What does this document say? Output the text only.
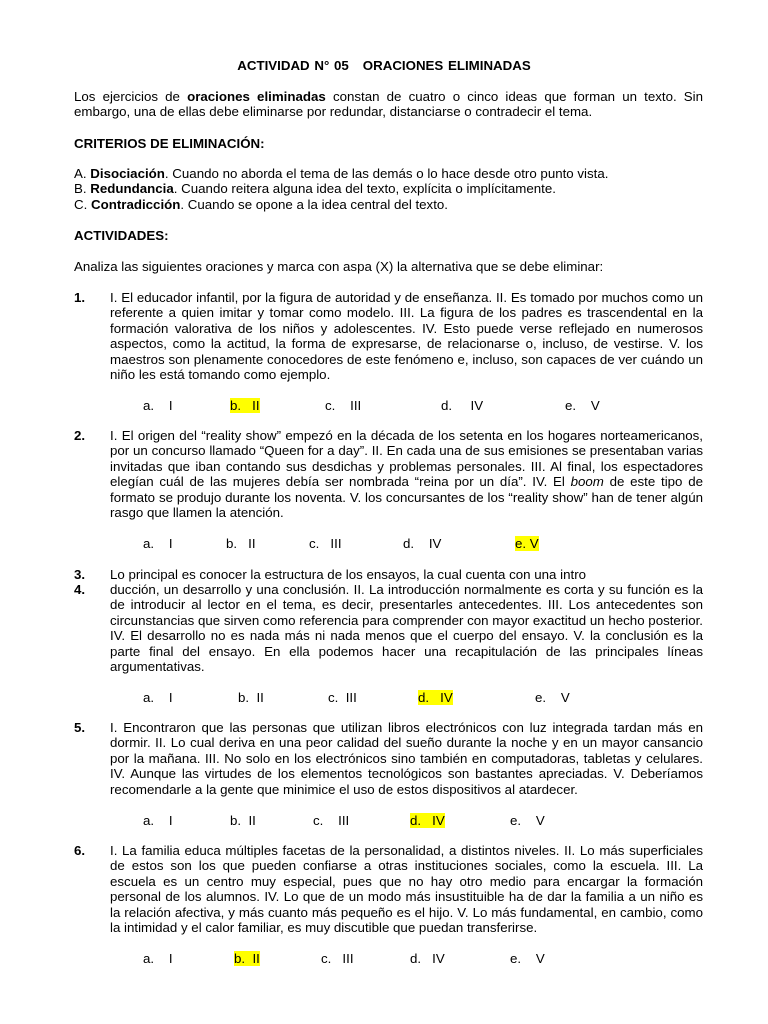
ACTIVIDAD N° 05 ORACIONES ELIMINADAS
Los ejercicios de oraciones eliminadas constan de cuatro o cinco ideas que forman un texto. Sin embargo, una de ellas debe eliminarse por redundar, distanciarse o contradecir el tema.
CRITERIOS DE ELIMINACIÓN:
A. Disociación. Cuando no aborda el tema de las demás o lo hace desde otro punto vista.
B. Redundancia. Cuando reitera alguna idea del texto, explícita o implícitamente.
C. Contradicción. Cuando se opone a la idea central del texto.
ACTIVIDADES:
Analiza las siguientes oraciones y marca con aspa (X) la alternativa que se debe eliminar:
1. I. El educador infantil, por la figura de autoridad y de enseñanza. II. Es tomado por muchos como un referente a quien imitar y tomar como modelo. III. La figura de los padres es trascendental en la formación valorativa de los niños y adolescentes. IV. Esto puede verse reflejado en numerosos aspectos, como la actitud, la forma de expresarse, de relacionarse o, incluso, de vestirse. V. los maestros son plenamente conocedores de este fenómeno e, incluso, son capaces de ver cuándo un niño les está tomando como ejemplo.
a.    I	b.   II	c.    III	d.     IV	e.    V
2. I. El origen del “reality show” empezó en la década de los setenta en los hogares norteamericanos, por un concurso llamado “Queen for a day”. II. En cada una de sus emisiones se presentaban varias invitadas que iban contando sus desdichas y problemas personales. III. Al final, los espectadores elegían cuál de las mujeres debía ser nombrada “reina por un día”. IV. El boom de este tipo de formato se produjo durante los noventa. V. los concursantes de los “reality show” han de tener algún rasgo que llamen la atención.
a.    I	b.   II	c.   III	d.    IV	e. V
3. Lo principal es conocer la estructura de los ensayos, la cual cuenta con una intro
4. ducción, un desarrollo y una conclusión. II. La introducción normalmente es corta y su función es la de introducir al lector en el tema, es decir, presentarles antecedentes. III. Los antecedentes son circunstancias que sirven como referencia para comprender con mayor exactitud un hecho posterior. IV. El desarrollo no es nada más ni nada menos que el cuerpo del ensayo. V. la conclusión es la parte final del ensayo. En ella podemos hacer una recapitulación de las principales líneas argumentativas.
a.    I	b.  II	c.  III	d.   IV	e.    V
5. I. Encontraron que las personas que utilizan libros electrónicos con luz integrada tardan más en dormir. II. Lo cual deriva en una peor calidad del sueño durante la noche y en un mayor cansancio por la mañana. III. No solo en los electrónicos sino también en computadoras, tabletas y celulares. IV. Aunque las virtudes de los elementos tecnológicos son bastantes apreciadas. V. Deberíamos recomendarle a la gente que minimice el uso de estos dispositivos al atardecer.
a.    I	b.  II	c.    III	d.   IV	e.    V
6. I. La familia educa múltiples facetas de la personalidad, a distintos niveles. II. Lo más superficiales de estos son los que pueden confiarse a otras instituciones sociales, como la escuela. III. La escuela es un centro muy especial, pues que no hay otro medio para encargar la formación personal de los alumnos. IV. Lo que de un modo más insustituible ha de dar la familia a un niño es la relación afectiva, y más cuanto más pequeño es el hijo. V. Lo más fundamental, en cambio, como la intimidad y el calor familiar, es muy discutible que puedan transferirse.
a.    I	b.  II	c.   III	d.   IV	e.    V
